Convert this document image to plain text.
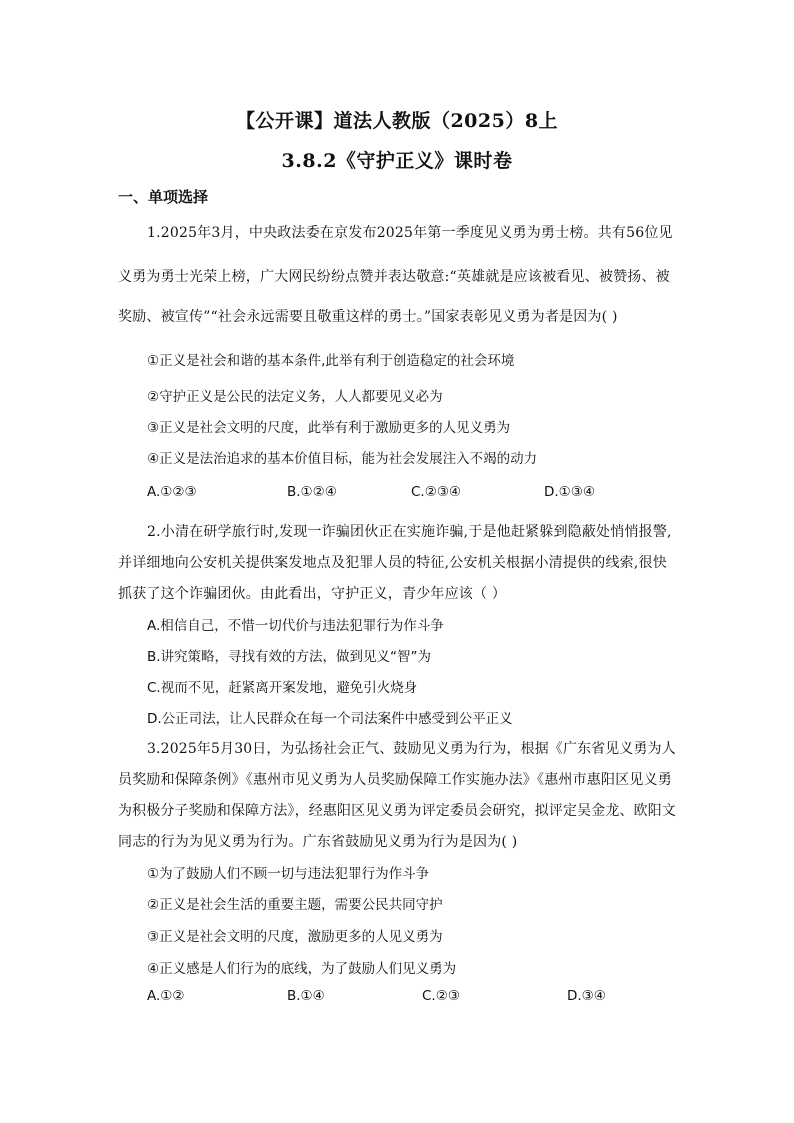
【公开课】道法人教版（2025）8上
3.8.2《守护正义》课时卷
一、单项选择
1.2025年3月，中央政法委在京发布2025年第一季度见义勇为勇士榜。共有56位见
义勇为勇士光荣上榜，广大网民纷纷点赞并表达敬意:“英雄就是应该被看见、被赞扬、被
奖励、被宣传”“社会永远需要且敬重这样的勇士。”国家表彰见义勇为者是因为( )
①正义是社会和谐的基本条件,此举有利于创造稳定的社会环境
②守护正义是公民的法定义务，人人都要见义必为
③正义是社会文明的尺度，此举有利于激励更多的人见义勇为
④正义是法治追求的基本价值目标，能为社会发展注入不竭的动力
A.①②③	B.①②④	C.②③④	D.①③④
2.小清在研学旅行时,发现一诈骗团伙正在实施诈骗,于是他赶紧躲到隐蔽处悄悄报警,
并详细地向公安机关提供案发地点及犯罪人员的特征,公安机关根据小清提供的线索,很快
抓获了这个诈骗团伙。由此看出，守护正义，青少年应该（ ）
A.相信自己，不惜一切代价与违法犯罪行为作斗争
B.讲究策略，寻找有效的方法，做到见义“智”为
C.视而不见，赶紧离开案发地，避免引火烧身
D.公正司法，让人民群众在每一个司法案件中感受到公平正义
3.2025年5月30日，为弘扬社会正气、鼓励见义勇为行为，根据《广东省见义勇为人
员奖励和保障条例》《惠州市见义勇为人员奖励保障工作实施办法》《惠州市惠阳区见义勇
为积极分子奖励和保障方法》，经惠阳区见义勇为评定委员会研究，拟评定吴金龙、欧阳文
同志的行为为见义勇为行为。广东省鼓励见义勇为行为是因为( )
①为了鼓励人们不顾一切与违法犯罪行为作斗争
②正义是社会生活的重要主题，需要公民共同守护
③正义是社会文明的尺度，激励更多的人见义勇为
④正义感是人们行为的底线，为了鼓励人们见义勇为
A.①②	B.①④	C.②③	D.③④
